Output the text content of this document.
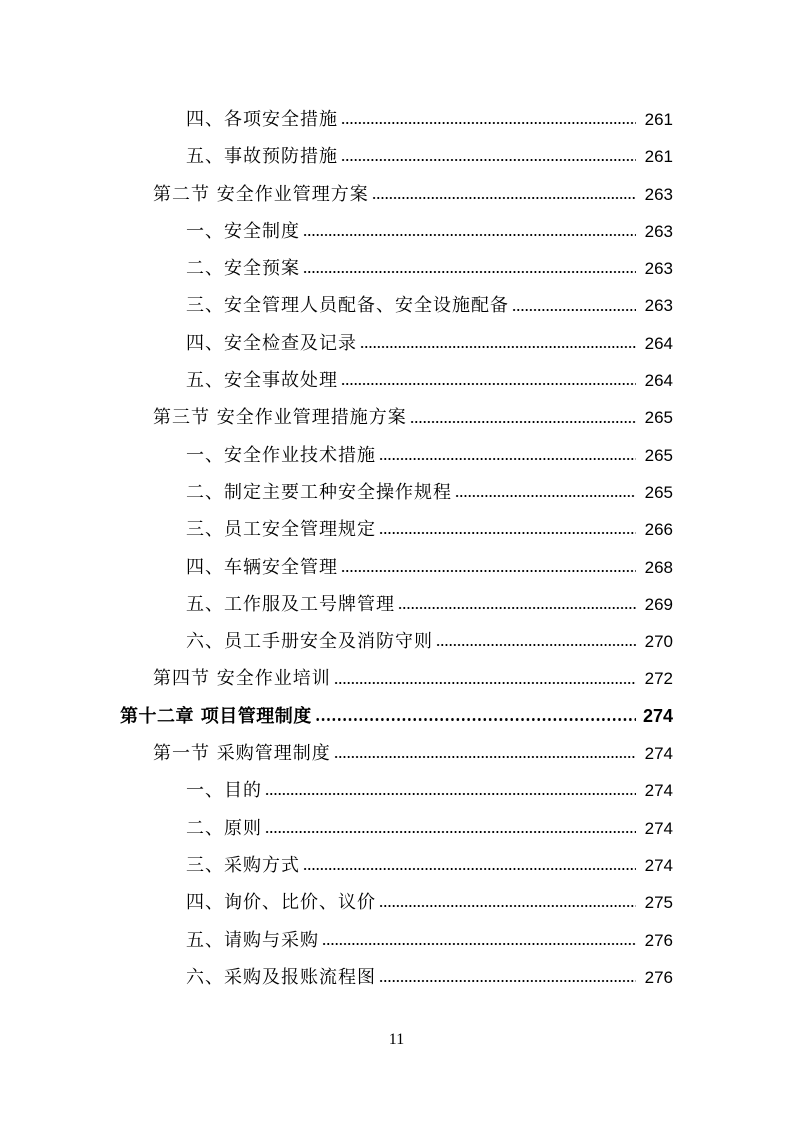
四、各项安全措施	261
五、事故预防措施	261
第二节 安全作业管理方案	263
一、安全制度	263
二、安全预案	263
三、安全管理人员配备、安全设施配备	263
四、安全检查及记录	264
五、安全事故处理	264
第三节 安全作业管理措施方案	265
一、安全作业技术措施	265
二、制定主要工种安全操作规程	265
三、员工安全管理规定	266
四、车辆安全管理	268
五、工作服及工号牌管理	269
六、员工手册安全及消防守则	270
第四节 安全作业培训	272
第十二章 项目管理制度	274
第一节 采购管理制度	274
一、目的	274
二、原则	274
三、采购方式	274
四、询价、比价、议价	275
五、请购与采购	276
六、采购及报账流程图	276
11
